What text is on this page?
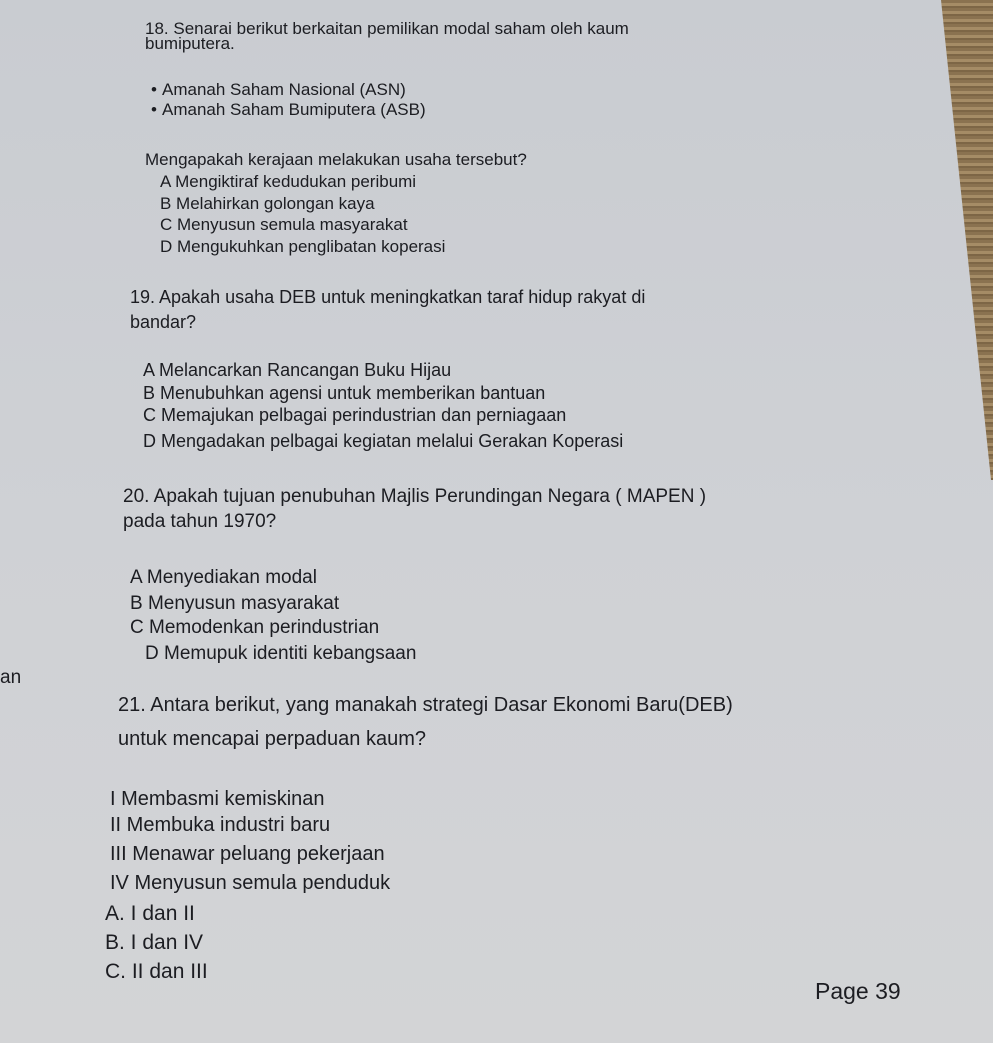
18. Senarai berikut berkaitan pemilikan modal saham oleh kaum
bumiputera.
• Amanah Saham Nasional (ASN)
• Amanah Saham Bumiputera (ASB)
Mengapakah kerajaan melakukan usaha tersebut?
A Mengiktiraf kedudukan peribumi
B Melahirkan golongan kaya
C Menyusun semula masyarakat
D Mengukuhkan penglibatan koperasi
19. Apakah usaha DEB untuk meningkatkan taraf hidup rakyat di
bandar?
A Melancarkan Rancangan Buku Hijau
B Menubuhkan agensi untuk memberikan bantuan
C Memajukan pelbagai perindustrian dan perniagaan
D Mengadakan pelbagai kegiatan melalui Gerakan Koperasi
20. Apakah tujuan penubuhan Majlis Perundingan Negara ( MAPEN )
pada tahun 1970?
A Menyediakan modal
B Menyusun masyarakat
C Memodenkan perindustrian
D Memupuk identiti kebangsaan
an
21. Antara berikut, yang manakah strategi Dasar Ekonomi Baru(DEB)
untuk mencapai perpaduan kaum?
I Membasmi kemiskinan
II Membuka industri baru
III Menawar peluang pekerjaan
IV Menyusun semula penduduk
A. I dan II
B. I dan IV
C. II dan III
Page 39
